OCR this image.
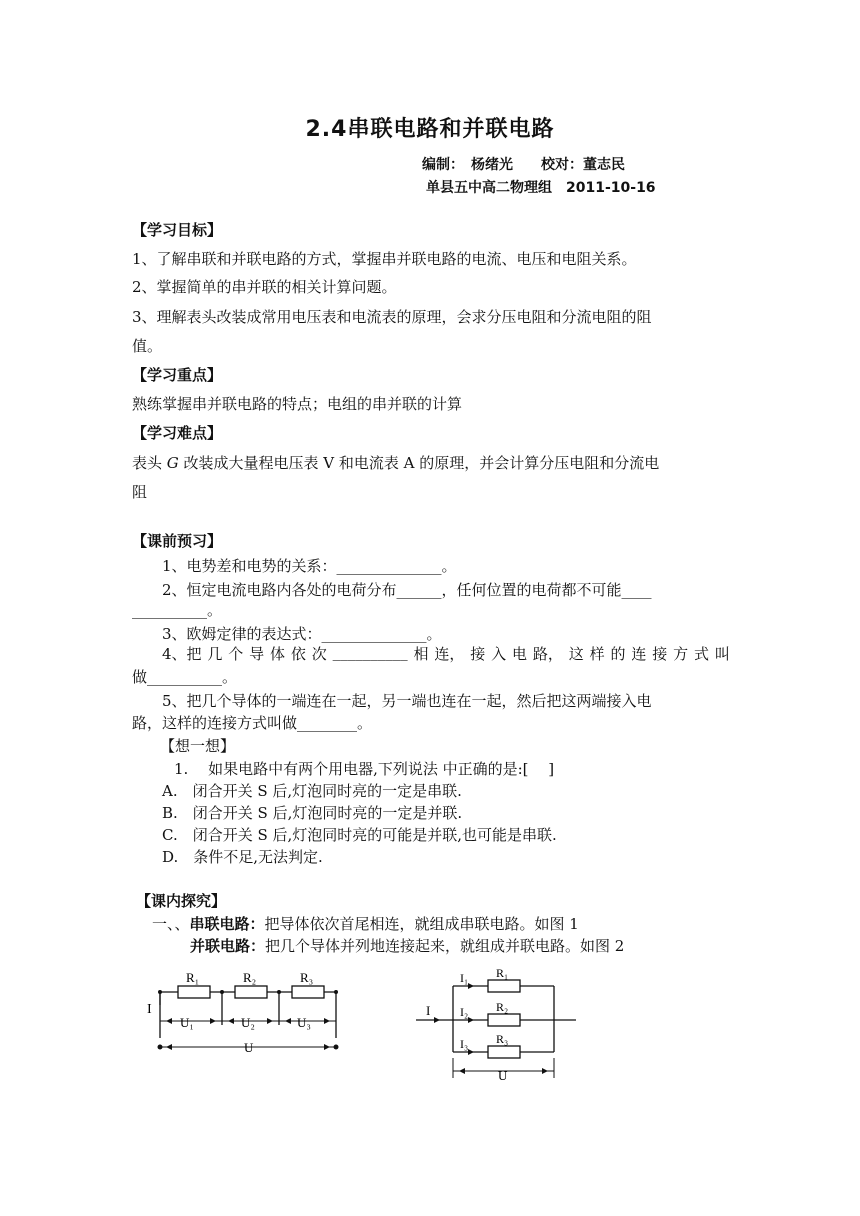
2.4串联电路和并联电路
编制：　杨绪光　　校对：董志民
单县五中高二物理组　2011-10-16
【学习目标】
1、了解串联和并联电路的方式，掌握串并联电路的电流、电压和电阻关系。
2、掌握简单的串并联的相关计算问题。
3、理解表头改装成常用电压表和电流表的原理，会求分压电阻和分流电阻的阻
值。
【学习重点】
熟练掌握串并联电路的特点；电组的串并联的计算
【学习难点】
表头 G 改装成大量程电压表 V 和电流表 A 的原理，并会计算分压电阻和分流电
阻
【课前预习】
1、电势差和电势的关系：______________。
2、恒定电流电路内各处的电荷分布______，任何位置的电荷都不可能____
__________。
3、欧姆定律的表达式：______________。
4、把 几 个 导 体 依 次 __________ 相 连， 接 入 电 路， 这 样 的 连 接 方 式 叫
做__________。
5、把几个导体的一端连在一起，另一端也连在一起，然后把这两端接入电
路，这样的连接方式叫做________。
【想一想】
1.　 如果电路中有两个用电器,下列说法 中正确的是:[　 ]
A.　闭合开关 S 后,灯泡同时亮的一定是串联.
B.　闭合开关 S 后,灯泡同时亮的一定是并联.
C.　闭合开关 S 后,灯泡同时亮的可能是并联,也可能是串联.
D.　条件不足,无法判定.
【课内探究】
一、、串联电路：把导体依次首尾相连，就组成串联电路。如图 1
并联电路：把几个导体并列地连接起来，就组成并联电路。如图 2
R₁	R₂	R₃
I
U₁	U₂	U₃
U
I₁
I₂
I₃
I
R₁
R₂
R₃
U
